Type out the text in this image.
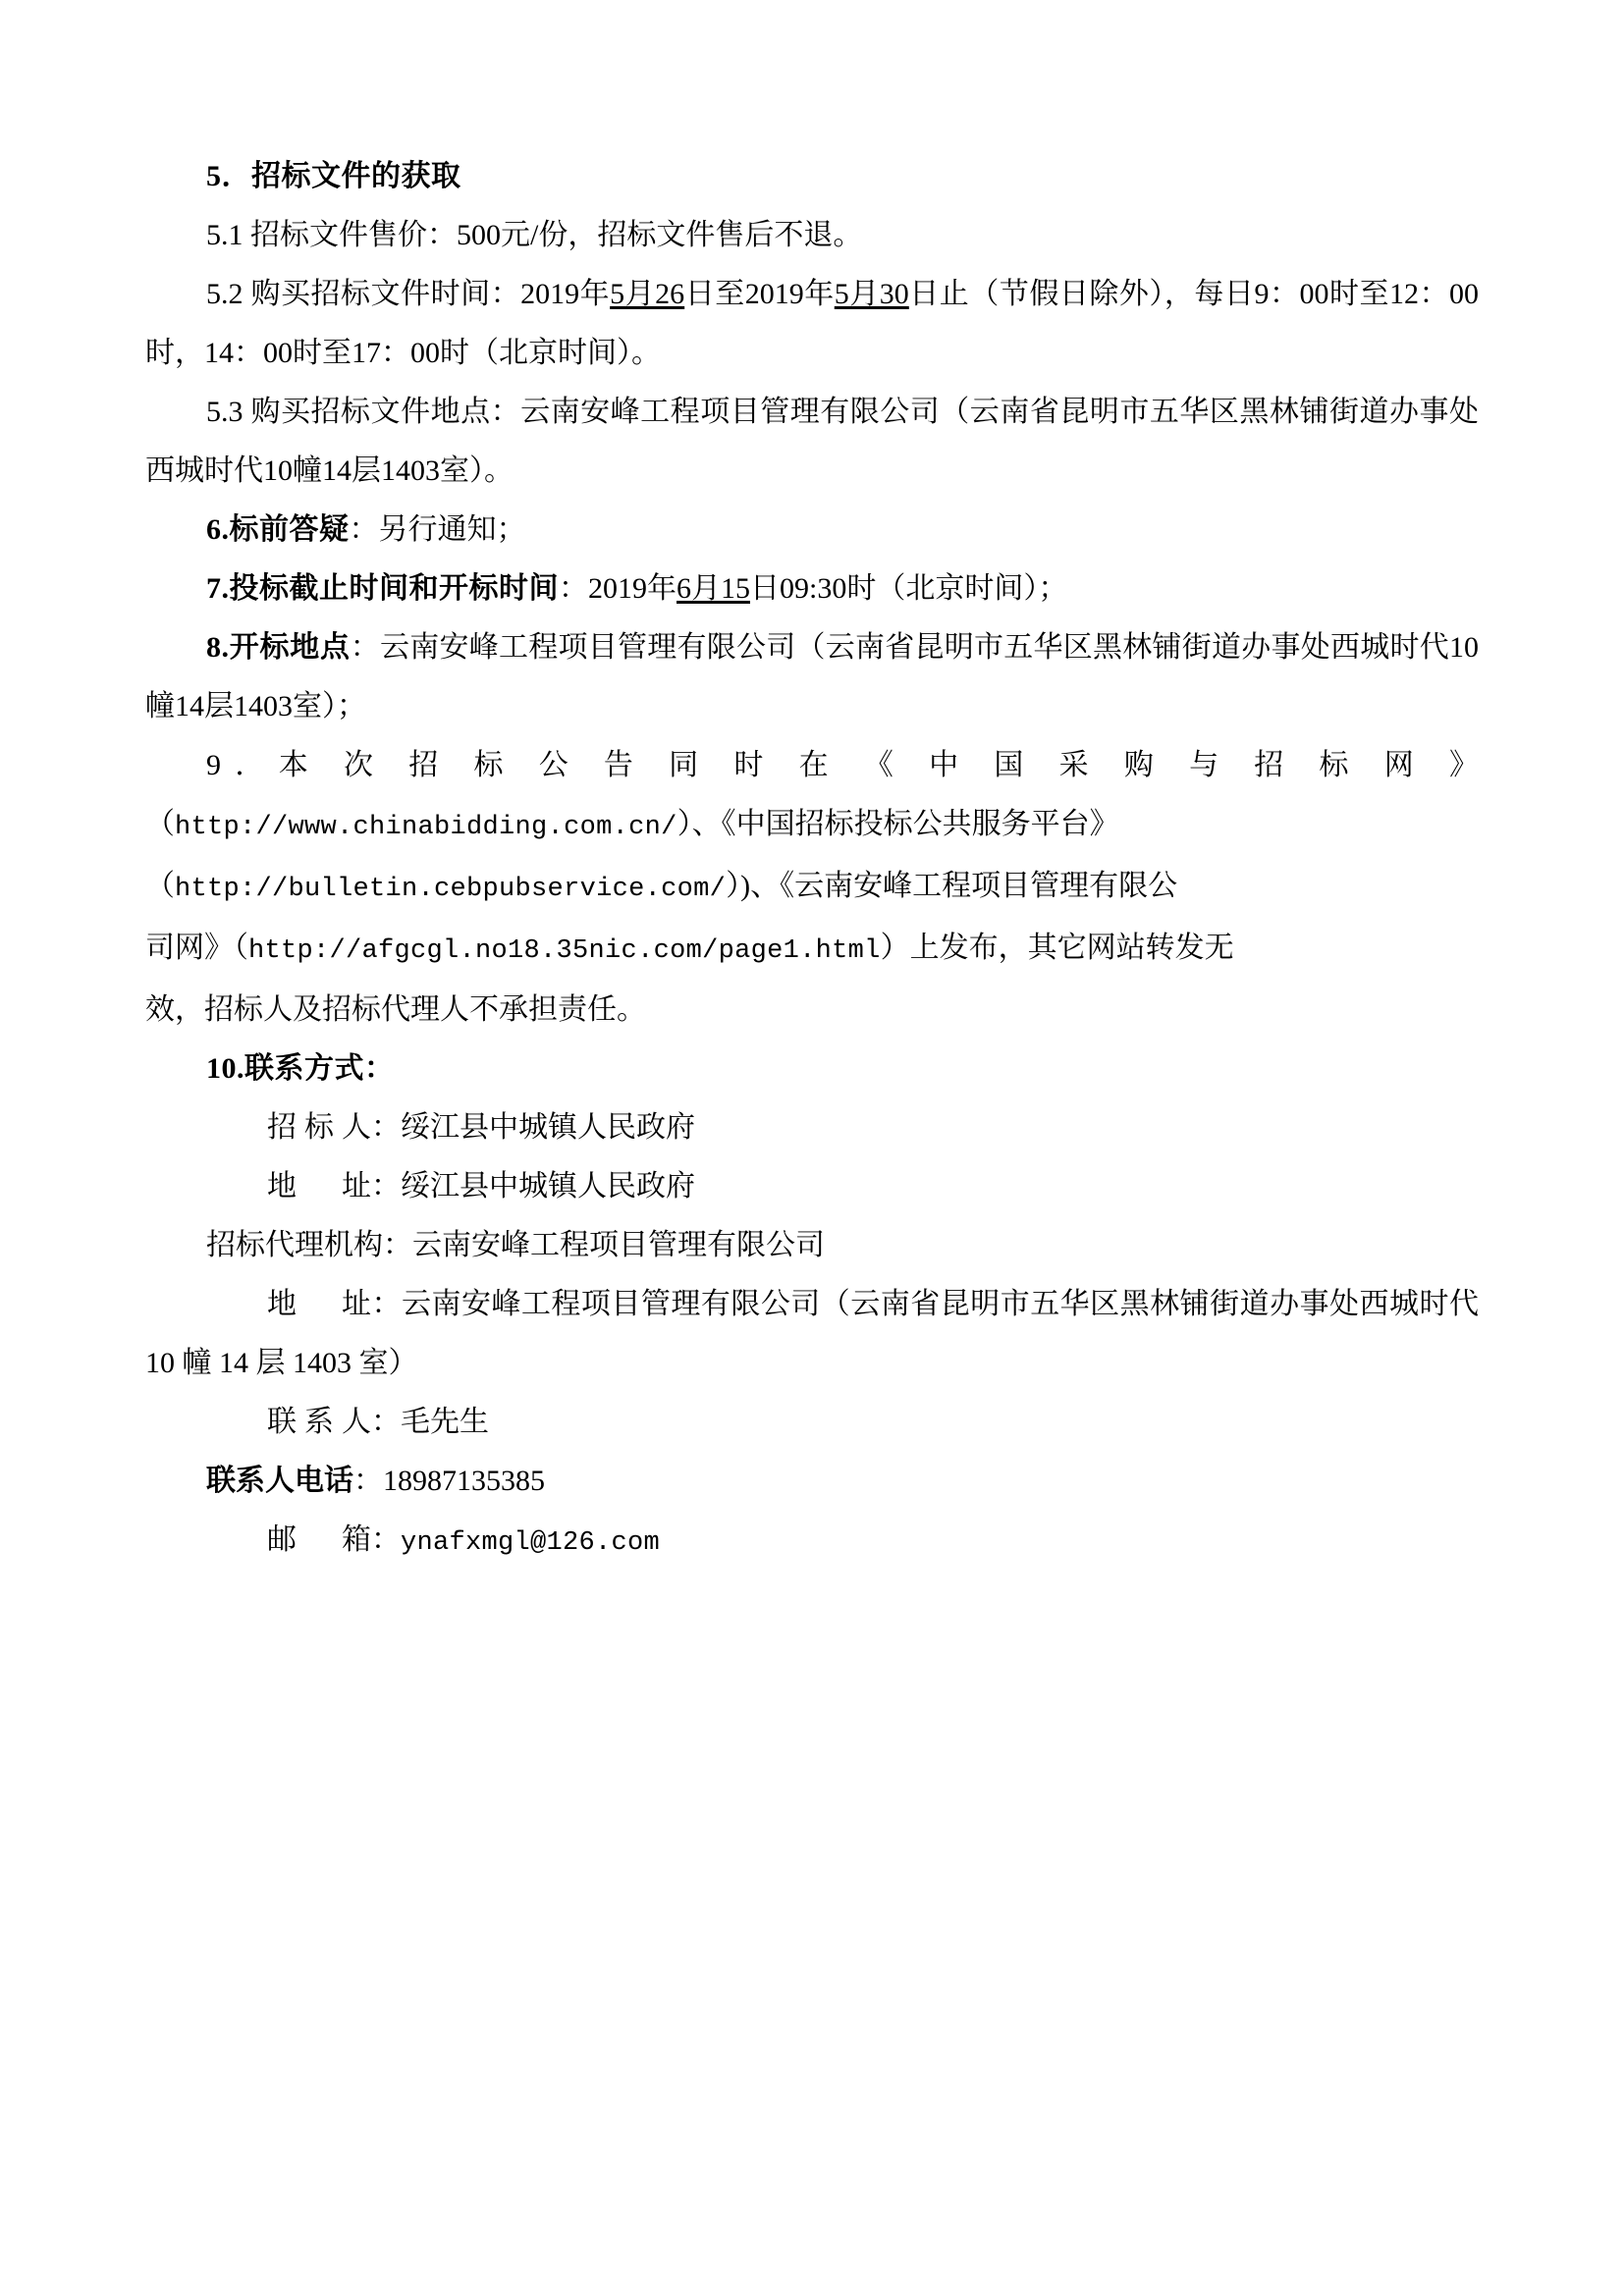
5．招标文件的获取

5.1 招标文件售价：500元/份，招标文件售后不退。

5.2 购买招标文件时间：2019年5月26日至2019年5月30日止（节假日除外），每日9：00时至12：00时，14：00时至17：00时（北京时间）。

5.3 购买招标文件地点：云南安峰工程项目管理有限公司（云南省昆明市五华区黑林铺街道办事处西城时代10幢14层1403室）。

6.标前答疑：另行通知；

7.投标截止时间和开标时间：2019年6月15日09:30时（北京时间）；

8.开标地点：云南安峰工程项目管理有限公司（云南省昆明市五华区黑林铺街道办事处西城时代10幢14层1403室）；

9．本 次 招 标 公 告 同 时 在 《 中 国 采 购 与 招 标 网 》

（http://www.chinabidding.com.cn/）、《中国招标投标公共服务平台》

（http://bulletin.cebpubservice.com/）)、《云南安峰工程项目管理有限公

司网》（http://afgcgl.no18.35nic.com/page1.html）上发布，其它网站转发无

效，招标人及招标代理人不承担责任。

10.联系方式：

招标人：绥江县中城镇人民政府

地址：绥江县中城镇人民政府

招标代理机构：云南安峰工程项目管理有限公司

地址：云南安峰工程项目管理有限公司（云南省昆明市五华区黑林铺街道办事处西城时代 10 幢 14 层 1403 室）

联系人：毛先生

联系人电话：18987135385

邮箱：ynafxmgl@126.com
